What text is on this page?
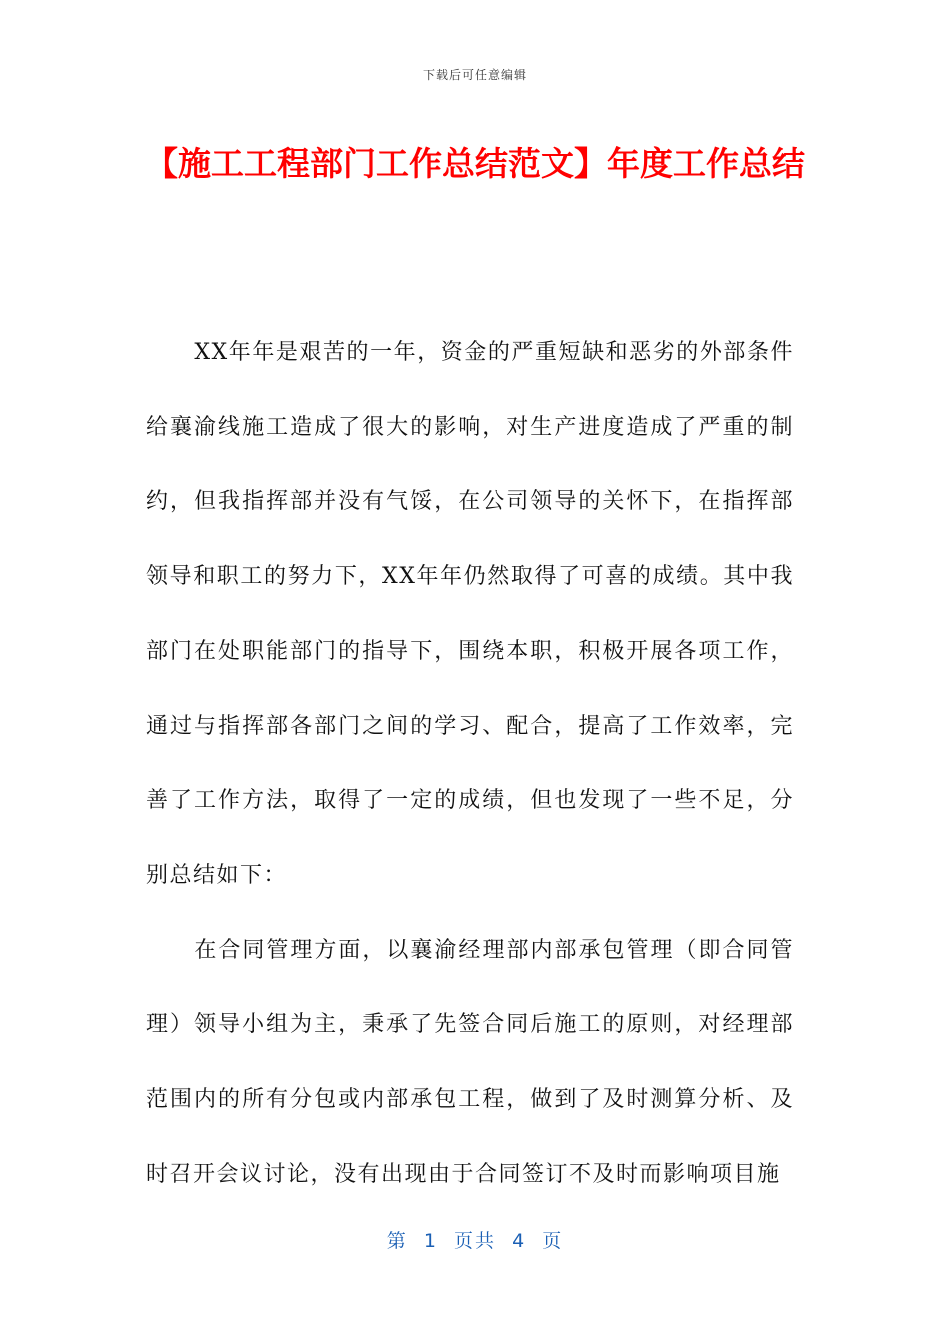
下载后可任意编辑
【施工工程部门工作总结范文】年度工作总结

XX年年是艰苦的一年，资金的严重短缺和恶劣的外部条件给襄渝线施工造成了很大的影响，对生产进度造成了严重的制约，但我指挥部并没有气馁，在公司领导的关怀下，在指挥部领导和职工的努力下，XX年年仍然取得了可喜的成绩。其中我部门在处职能部门的指导下，围绕本职，积极开展各项工作，通过与指挥部各部门之间的学习、配合，提高了工作效率，完善了工作方法，取得了一定的成绩，但也发现了一些不足，分别总结如下：

在合同管理方面，以襄渝经理部内部承包管理（即合同管理）领导小组为主，秉承了先签合同后施工的原则，对经理部范围内的所有分包或内部承包工程，做到了及时测算分析、及时召开会议讨论，没有出现由于合同签订不及时而影响项目施

第  1  页共  4  页
